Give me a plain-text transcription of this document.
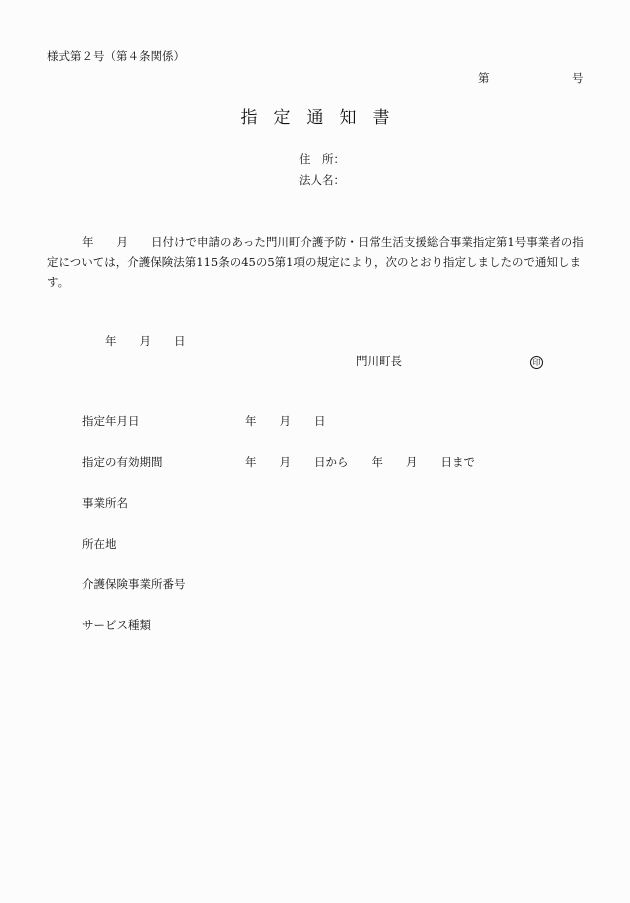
様式第２号（第４条関係）
第	号
指定通知書
住　所：
法人名：
年 月 日付けで申請のあった門川町介護予防・日常生活支援総合事業指定第1号事業者の指定については，介護保険法第115条の45の5第1項の規定により，次のとおり指定しましたので通知します。
年 月 日
門川町長	印
指定年月日	年 月 日
指定の有効期間	年 月 日から 年 月 日まで
事業所名
所在地
介護保険事業所番号
サービス種類
